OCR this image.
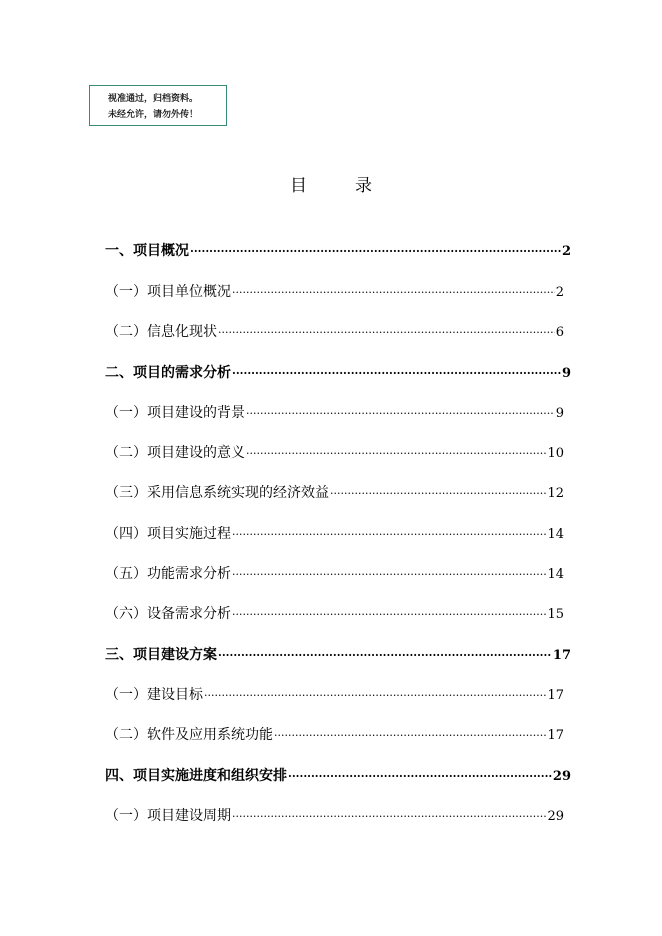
视准通过，归档资料。
未经允许，请勿外传！
目	录
一、项目概况 ·····	2
（一）项目单位概况 ·····	2
（二）信息化现状 ·····	6
二、项目的需求分析 ·····	9
（一）项目建设的背景 ·····	9
（二）项目建设的意义 ·····	10
（三）采用信息系统实现的经济效益 ·····	12
（四）项目实施过程 ·····	14
（五）功能需求分析 ·····	14
（六）设备需求分析 ·····	15
三、项目建设方案 ·····	17
（一）建设目标 ·····	17
（二）软件及应用系统功能 ·····	17
四、项目实施进度和组织安排 ·····	29
（一）项目建设周期 ·····	29
